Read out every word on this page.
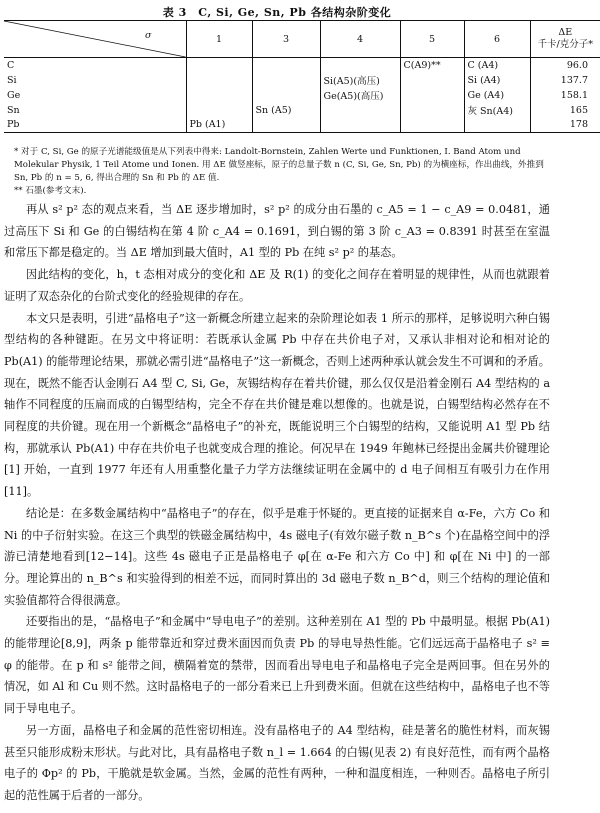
表 3　C, Si, Ge, Sn, Pb 各结构杂阶变化
σ	1	3	4	5	6	ΔE
千卡/克分子*

C				C(A9)**	C (A4)	96.0
Si			Si(A5)(高压)		Si (A4)	137.7
Ge			Ge(A5)(高压)		Ge (A4)	158.1
Sn		Sn (A5)			灰 Sn(A4)	165
Pb	Pb (A1)					178

* 对于 C, Si, Ge 的原子光谱能级值是从下列表中得来: Landolt-Bornstein, Zahlen Werte und Funktionen, I. Band Atom und Molekular Physik, 1 Teil Atome und Ionen. 用 ΔE 做竖座标，原子的总量子数 n (C, Si, Ge, Sn, Pb) 的为横座标，作出曲线，外推到 Sn, Pb 的 n = 5, 6, 得出合理的 Sn 和 Pb 的 ΔE 值.

** 石墨(参考文末).

再从 s² p² 态的观点来看，当 ΔE 逐步增加时，s² p² 的成分由石墨的 c_A5 = 1 − c_A9 = 0.0481，通过高压下 Si 和 Ge 的白锡结构在第 4 阶 c_A4 = 0.1691，到白锡的第 3 阶 c_A3 = 0.8391 时甚至在室温和常压下都是稳定的。当 ΔE 增加到最大值时，A1 型的 Pb 在纯 s² p² 的基态。

因此结构的变化，h，t 态相对成分的变化和 ΔE 及 R(1) 的变化之间存在着明显的规律性，从而也就跟着证明了双态杂化的台阶式变化的经验规律的存在。

本文只是表明，引进“晶格电子”这一新概念所建立起来的杂阶理论如表 1 所示的那样，足够说明六种白锡型结构的各种键距。在另文中将证明：若既承认金属 Pb 中存在共价电子对，又承认非相对论和相对论的 Pb(A1) 的能带理论结果，那就必需引进“晶格电子”这一新概念，否则上述两种承认就会发生不可调和的矛盾。现在，既然不能否认金刚石 A4 型 C, Si, Ge，灰锡结构存在着共价键，那么仅仅是沿着金刚石 A4 型结构的 a 轴作不同程度的压扁而成的白锡型结构，完全不存在共价键是难以想像的。也就是说，白锡型结构必然存在不同程度的共价键。现在用一个新概念“晶格电子”的补充，既能说明三个白锡型的结构，又能说明 A1 型 Pb 结构，那就承认 Pb(A1) 中存在共价电子也就变成合理的推论。何况早在 1949 年鲍林已经提出金属共价键理论[1] 开始，一直到 1977 年还有人用重整化量子力学方法继续证明在金属中的 d 电子间相互有吸引力在作用[11]。

结论是：在多数金属结构中“晶格电子”的存在，似乎是难于怀疑的。更直接的证据来自 α-Fe，六方 Co 和 Ni 的中子衍射实验。在这三个典型的铁磁金属结构中，4s 磁电子(有效尔磁子数 n_B^s 个)在晶格空间中的浮游已清楚地看到[12−14]。这些 4s 磁电子正是晶格电子 φ[在 α-Fe 和六方 Co 中] 和 φ[在 Ni 中] 的一部分。理论算出的 n_B^s 和实验得到的相差不远，而同时算出的 3d 磁电子数 n_B^d，则三个结构的理论值和实验值都符合得很满意。

还要指出的是，“晶格电子”和金属中“导电电子”的差别。这种差别在 A1 型的 Pb 中最明显。根据 Pb(A1) 的能带理论[8,9]，两条 p 能带靠近和穿过费米面因而负责 Pb 的导电导热性能。它们远远高于晶格电子 s² ≡ φ 的能带。在 p 和 s² 能带之间，横隔着宽的禁带，因而看出导电电子和晶格电子完全是两回事。但在另外的情况，如 Al 和 Cu 则不然。这时晶格电子的一部分看来已上升到费米面。但就在这些结构中，晶格电子也不等同于导电电子。

另一方面，晶格电子和金属的范性密切相连。没有晶格电子的 A4 型结构，硅是著名的脆性材料，而灰锡甚至只能形成粉末形状。与此对比，具有晶格电子数 n_l = 1.664 的白锡(见表 2) 有良好范性，而有两个晶格电子的 Φp² 的 Pb，干脆就是软金属。当然，金属的范性有两种，一种和温度相连，一种则否。晶格电子所引起的范性属于后者的一部分。
